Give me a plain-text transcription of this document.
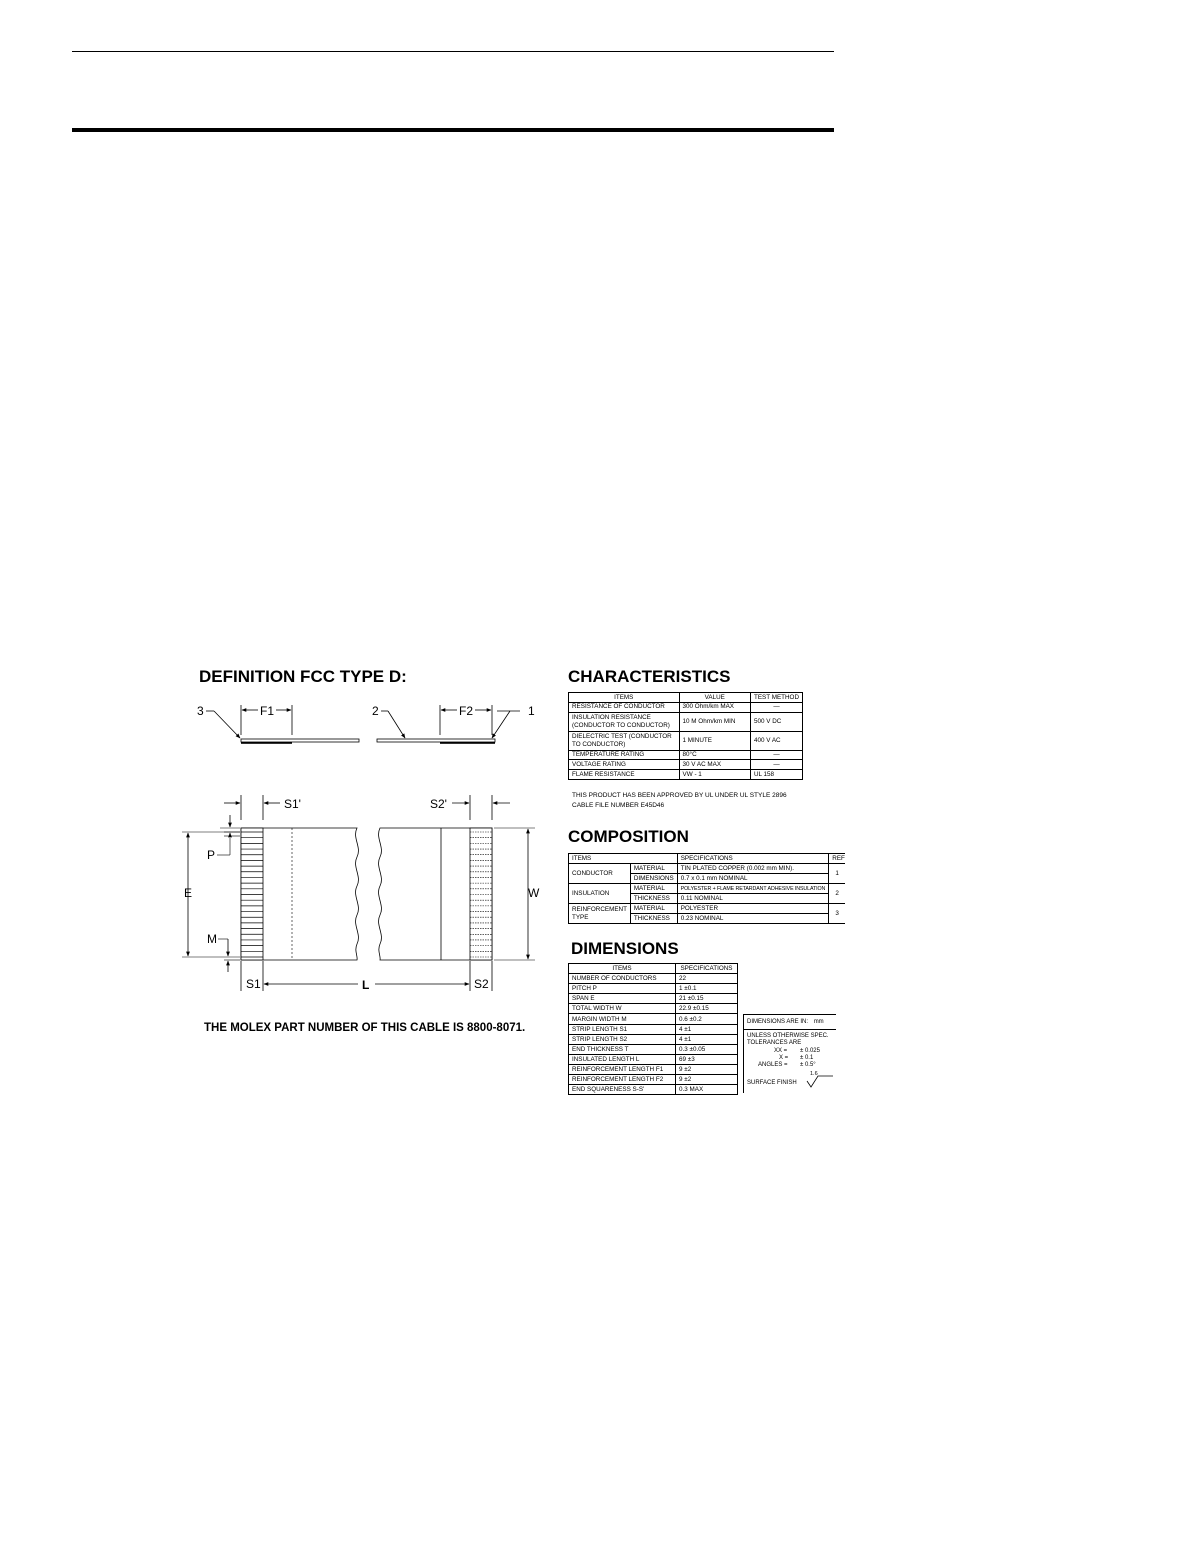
DEFINITION FCC TYPE D:
3	F1	2	F2	1
S1'	S2'
E
P
M
W
S1	L	S2
THE MOLEX PART NUMBER OF THIS CABLE IS 8800-8071.
CHARACTERISTICS
ITEMS	VALUE	TEST METHOD
RESISTANCE OF CONDUCTOR	300 Ohm/km MAX	—
INSULATION RESISTANCE (CONDUCTOR TO CONDUCTOR)	10 M Ohm/km MIN	500 V DC
DIELECTRIC TEST (CONDUCTOR TO CONDUCTOR)	1 MINUTE	400 V AC
TEMPERATURE RATING	80°C	—
VOLTAGE RATING	30 V AC MAX	—
FLAME RESISTANCE	VW - 1	UL 158
THIS PRODUCT HAS BEEN APPROVED BY UL UNDER UL STYLE 2896
CABLE FILE NUMBER E45D46
COMPOSITION
ITEMS		SPECIFICATIONS	REF
CONDUCTOR	MATERIAL	TIN PLATED COPPER (0.002 mm MIN).	1
	DIMENSIONS	0.7 x 0.1 mm NOMINAL	
INSULATION	MATERIAL	POLYESTER + FLAME RETARDANT ADHESIVE INSULATION	2
	THICKNESS	0.11 NOMINAL	
REINFORCEMENT TYPE	MATERIAL	POLYESTER	3
	THICKNESS	0.23 NOMINAL	
DIMENSIONS
ITEMS	SPECIFICATIONS
NUMBER OF CONDUCTORS	22
PITCH P	1 ±0.1
SPAN E	21 ±0.15
TOTAL WIDTH W	22.9 ±0.15
MARGIN WIDTH M	0.6 ±0.2
STRIP LENGTH S1	4 ±1
STRIP LENGTH S2	4 ±1
END THICKNESS T	0.3 ±0.05
INSULATED LENGTH L	69 ±3
REINFORCEMENT LENGTH F1	9 ±2
REINFORCEMENT LENGTH F2	9 ±2
END SQUARENESS S-S'	0.3 MAX
DIMENSIONS ARE IN: mm
UNLESS OTHERWISE SPEC.
TOLERANCES ARE
XX = ± 0.025
X = ± 0.1
ANGLES = ± 0.5°
SURFACE FINISH
1.6
